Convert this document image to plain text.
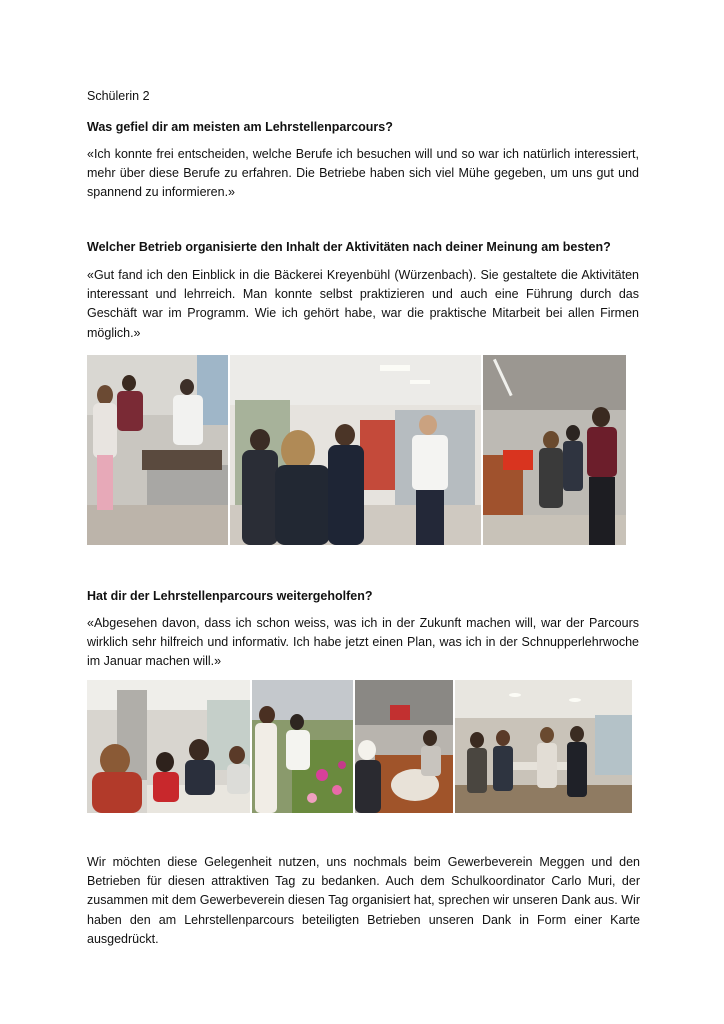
Schülerin 2
Was gefiel dir am meisten am Lehrstellenparcours?
«Ich konnte frei entscheiden, welche Berufe ich besuchen will und so war ich natürlich interessiert, mehr über diese Berufe zu erfahren. Die Betriebe haben sich viel Mühe gegeben, um uns gut und spannend zu informieren.»
Welcher Betrieb organisierte den Inhalt der Aktivitäten nach deiner Meinung am besten?
«Gut fand ich den Einblick in die Bäckerei Kreyenbühl (Würzenbach). Sie gestaltete die Aktivitäten interessant und lehrreich. Man konnte selbst praktizieren und auch eine Führung durch das Geschäft war im Programm. Wie ich gehört habe, war die praktische Mitarbeit bei allen Firmen möglich.»
Hat dir der Lehrstellenparcours weitergeholfen?
«Abgesehen davon, dass ich schon weiss, was ich in der Zukunft machen will, war der Parcours wirklich sehr hilfreich und informativ. Ich habe jetzt einen Plan, was ich in der Schnupperlehrwoche im Januar machen will.»
Wir möchten diese Gelegenheit nutzen, uns nochmals beim Gewerbeverein Meggen und den Betrieben für diesen attraktiven Tag zu bedanken. Auch dem Schulkoordinator Carlo Muri, der zusammen mit dem Gewerbeverein diesen Tag organisiert hat, sprechen wir unseren Dank aus. Wir haben den am Lehrstellenparcours beteiligten Betrieben unseren Dank in Form einer Karte ausgedrückt.
